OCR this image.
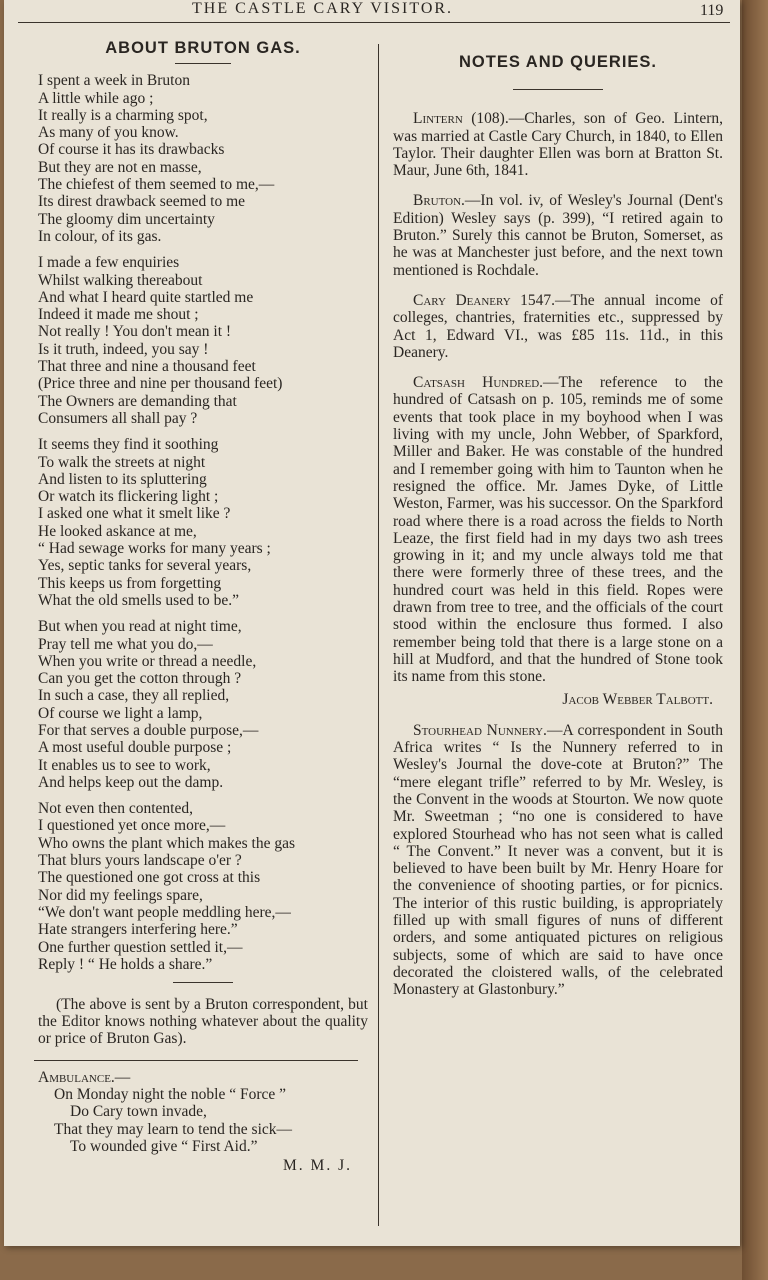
THE CASTLE CARY VISITOR.	119
ABOUT BRUTON GAS.
I spent a week in Bruton
A little while ago ;
It really is a charming spot,
As many of you know.
Of course it has its drawbacks
But they are not en masse,
The chiefest of them seemed to me,—
Its direst drawback seemed to me
The gloomy dim uncertainty
In colour, of its gas.
I made a few enquiries
Whilst walking thereabout
And what I heard quite startled me
Indeed it made me shout ;
Not really ! You don't mean it !
Is it truth, indeed, you say !
That three and nine a thousand feet
(Price three and nine per thousand feet)
The Owners are demanding that
Consumers all shall pay ?
It seems they find it soothing
To walk the streets at night
And listen to its spluttering
Or watch its flickering light ;
I asked one what it smelt like ?
He looked askance at me,
“ Had sewage works for many years ;
Yes, septic tanks for several years,
This keeps us from forgetting
What the old smells used to be.”
But when you read at night time,
Pray tell me what you do,—
When you write or thread a needle,
Can you get the cotton through ?
In such a case, they all replied,
Of course we light a lamp,
For that serves a double purpose,—
A most useful double purpose ;
It enables us to see to work,
And helps keep out the damp.
Not even then contented,
I questioned yet once more,—
Who owns the plant which makes the gas
That blurs yours landscape o'er ?
The questioned one got cross at this
Nor did my feelings spare,
“We don't want people meddling here,—
Hate strangers interfering here.”
One further question settled it,—
Reply ! “ He holds a share.”

(The above is sent by a Bruton correspondent, but the Editor knows nothing whatever about the quality or price of Bruton Gas).

Ambulance.—

On Monday night the noble “ Force ”
Do Cary town invade,
That they may learn to tend the sick—
To wounded give “ First Aid.”
M. M. J.
NOTES AND QUERIES.

Lintern (108).—Charles, son of Geo. Lintern, was married at Castle Cary Church, in 1840, to Ellen Taylor. Their daughter Ellen was born at Bratton St. Maur, June 6th, 1841.

Bruton.—In vol. iv, of Wesley's Journal (Dent's Edition) Wesley says (p. 399), “I retired again to Bruton.” Surely this cannot be Bruton, Somerset, as he was at Manchester just before, and the next town mentioned is Rochdale.

Cary Deanery 1547.—The annual income of colleges, chantries, fraternities etc., suppressed by Act 1, Edward VI., was £85 11s. 11d., in this Deanery.

Catsash Hundred.—The reference to the hundred of Catsash on p. 105, reminds me of some events that took place in my boyhood when I was living with my uncle, John Webber, of Sparkford, Miller and Baker. He was constable of the hundred and I remember going with him to Taunton when he resigned the office. Mr. James Dyke, of Little Weston, Farmer, was his successor. On the Sparkford road where there is a road across the fields to North Leaze, the first field had in my days two ash trees growing in it; and my uncle always told me that there were formerly three of these trees, and the hundred court was held in this field. Ropes were drawn from tree to tree, and the officials of the court stood within the enclosure thus formed. I also remember being told that there is a large stone on a hill at Mudford, and that the hundred of Stone took its name from this stone.

Jacob Webber Talbott.

Stourhead Nunnery.—A correspondent in South Africa writes “ Is the Nunnery referred to in Wesley's Journal the dove-cote at Bruton?” The “mere elegant trifle” referred to by Mr. Wesley, is the Convent in the woods at Stourton. We now quote Mr. Sweetman ; “no one is considered to have explored Stourhead who has not seen what is called “ The Convent.” It never was a convent, but it is believed to have been built by Mr. Henry Hoare for the convenience of shooting parties, or for picnics. The interior of this rustic building, is appropriately filled up with small figures of nuns of different orders, and some antiquated pictures on religious subjects, some of which are said to have once decorated the cloistered walls, of the celebrated Monastery at Glastonbury.”
